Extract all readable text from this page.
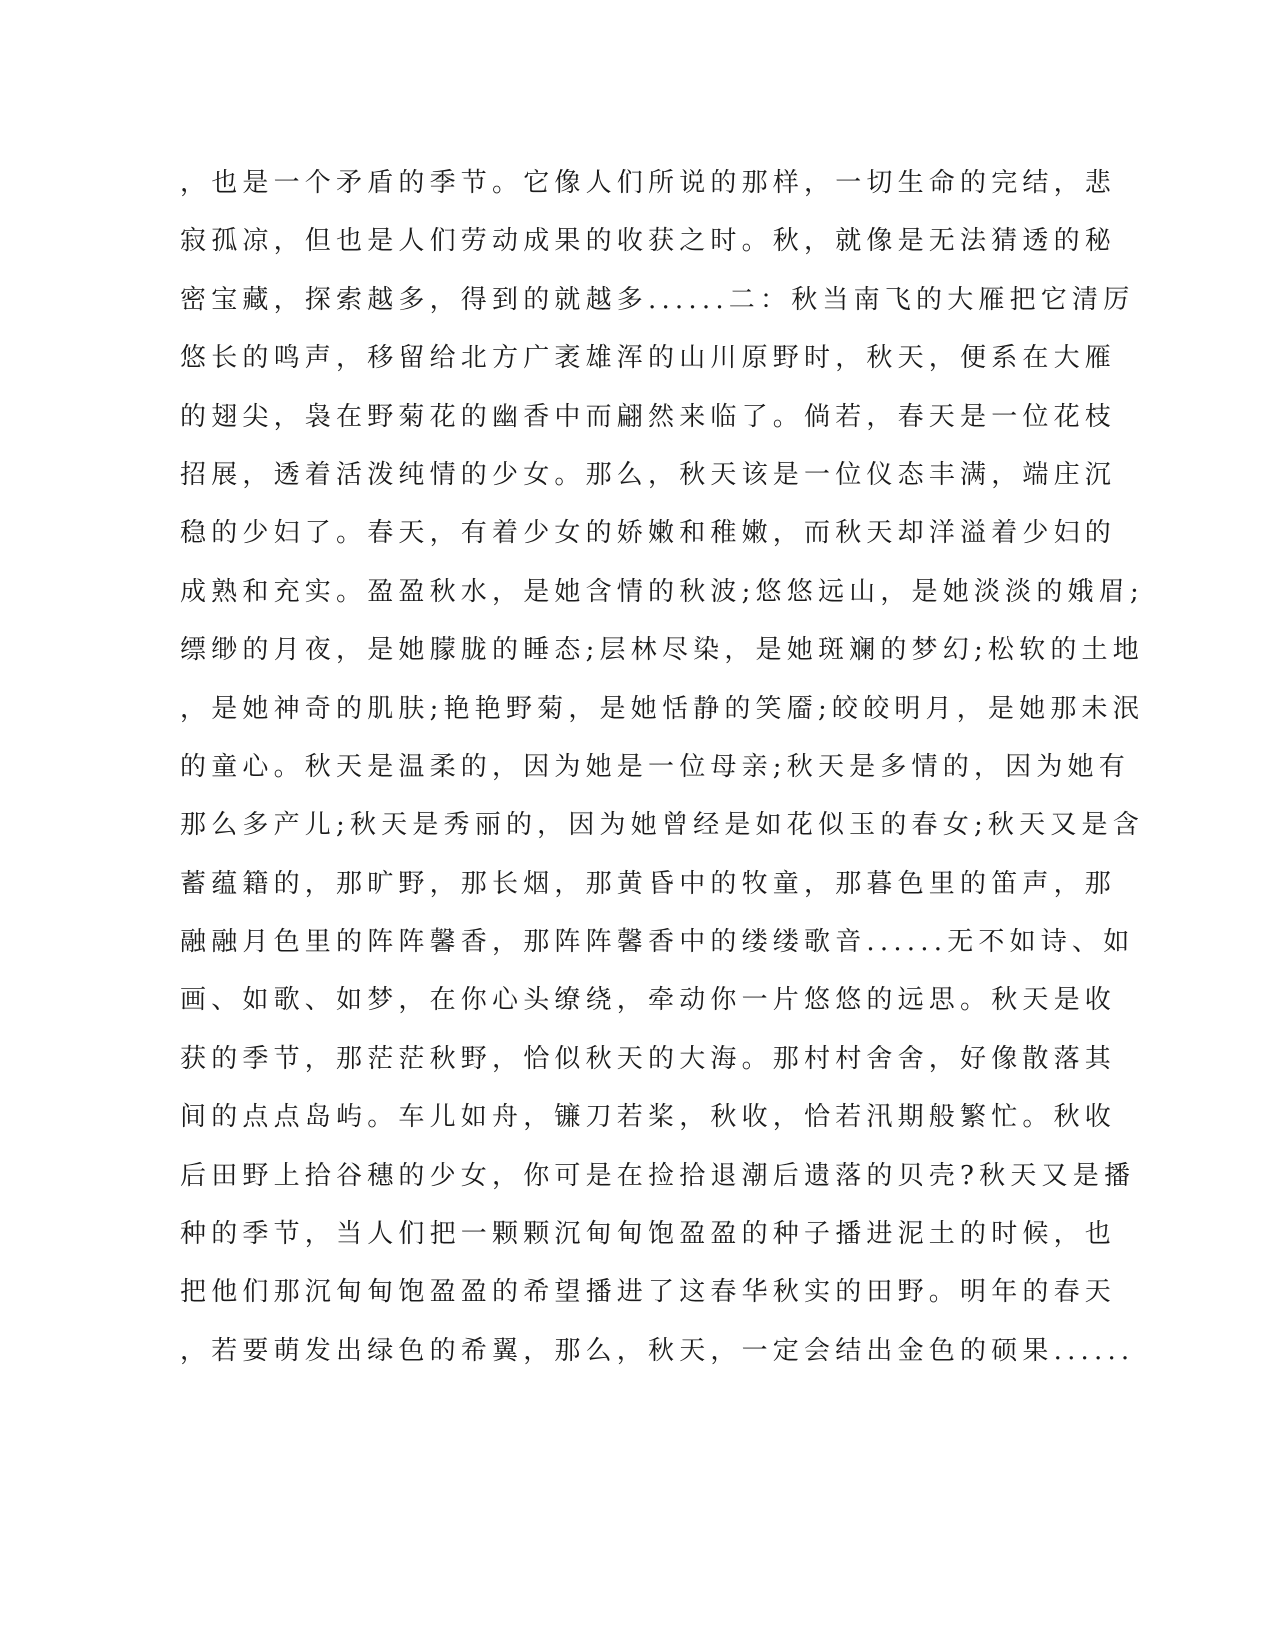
，也是一个矛盾的季节。它像人们所说的那样，一切生命的完结，悲
寂孤凉，但也是人们劳动成果的收获之时。秋，就像是无法猜透的秘
密宝藏，探索越多，得到的就越多......二：秋当南飞的大雁把它清厉
悠长的鸣声，移留给北方广袤雄浑的山川原野时，秋天，便系在大雁
的翅尖，袅在野菊花的幽香中而翩然来临了。倘若，春天是一位花枝
招展，透着活泼纯情的少女。那么，秋天该是一位仪态丰满，端庄沉
稳的少妇了。春天，有着少女的娇嫩和稚嫩，而秋天却洋溢着少妇的
成熟和充实。盈盈秋水，是她含情的秋波;悠悠远山，是她淡淡的娥眉;
缥缈的月夜，是她朦胧的睡态;层林尽染，是她斑斓的梦幻;松软的土地
，是她神奇的肌肤;艳艳野菊，是她恬静的笑靥;皎皎明月，是她那未泯
的童心。秋天是温柔的，因为她是一位母亲;秋天是多情的，因为她有
那么多产儿;秋天是秀丽的，因为她曾经是如花似玉的春女;秋天又是含
蓄蕴籍的，那旷野，那长烟，那黄昏中的牧童，那暮色里的笛声，那
融融月色里的阵阵馨香，那阵阵馨香中的缕缕歌音......无不如诗、如
画、如歌、如梦，在你心头缭绕，牵动你一片悠悠的远思。秋天是收
获的季节，那茫茫秋野，恰似秋天的大海。那村村舍舍，好像散落其
间的点点岛屿。车儿如舟，镰刀若桨，秋收，恰若汛期般繁忙。秋收
后田野上拾谷穗的少女，你可是在捡拾退潮后遗落的贝壳?秋天又是播
种的季节，当人们把一颗颗沉甸甸饱盈盈的种子播进泥土的时候，也
把他们那沉甸甸饱盈盈的希望播进了这春华秋实的田野。明年的春天
，若要萌发出绿色的希翼，那么，秋天，一定会结出金色的硕果......
